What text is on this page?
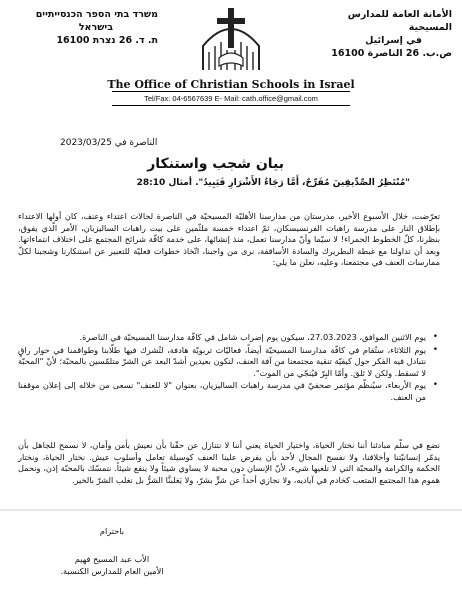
الأمانة العامة للمدارس المسيحية
في إسرائيل
ص.ب. 26 الناصرة 16100
משרד בתי הספר הכנסייתיים
בישראל
ת. ד. 26 נצרת 16100
The Office of Christian Schools in Israel
Tel/Fax: 04-6567639 E- Mail: cath.office@gmail.com
الناصرة في 2023/03/25
بيان شجب واستنكار
"مُنْتَظِرُ الصِّدِّيقِينَ مُفَرِّحٌ، أَمَّا رَجَاءُ الأَشْرَارِ فَيَبِيدُ". أمثال 28:10
تعرّضت، خلال الأسبوع الأخير، مدرستان من مدارسنا الأهليّة المسيحيّة في الناصرة لحالات اعتداء وعنف، كان أولها الاعتداء بإطلاق النار على مدرسة راهبات الفرنسيسكان، ثمّ اعتداء خمسة ملثّمين على بيت راهبات الساليزيان، الأمر الّذي يفوق، بنظرنا، كلّ الخطوط الحمراء! لا سيّما وأنّ مدارسنا تعمل، منذ إنشائها، على خدمة كافّة شرائح المجتمع على اختلاف انتماءاتها. وبعد أن تداولنا مع غبطة البطريرك والسادة الأساقفة، نرى من واجبنا، اتّخاذ خطوات فعليّة للتعبير عن استنكارنا وشجبنا لكلّ ممارسات العنف في مجتمعنا، وعليه، نعلن ما يلي:
• يوم الاثنين الموافق، 27.03.2023، سيكون يوم إضراب شامل في كافّة مدارسنا المسيحيّة في الناصرة.
• يوم الثلاثاء، ستُقام في كافّة مدارسنا المسيحيّة أيضاً، فعاليّات تربويّة هادفة، لتُشرك فيها طلّابنا وطواقمنا في حوار راقٍ نتبادل فيه الفكر حول كيفيّة تنقية مجتمعنا من آفة العنف، لنكون بعيدين أشدّ البعد عن الشرّ متلمّسين بالمحبّة؛ لأنّ "المحبّة لا تَسقط. ولكن لا تَلقَ. وأمّا البِرّ فيُنجّي من الموت".
• يوم الأربعاء، سيُنظّم مؤتمر صحفيّ في مدرسة راهبات الساليزيان، بعنوان "لا للعنف" نسعى من خلاله إلى إعلان موقفنا من العنف.
نضع في سلّم مبادئنا أننا نختار الحياة، واختيار الحياة يعني أننا لا نتنازل عن حقّنا بأن نعيش بأمن وأمان، لا نسمح للجاهل بأن يدمّر إنسانيّتنا وأخلاقنا، ولا نفسح المجال لأحد بأن يفرض علينا العنف كوسيلة تعامل وأسلوب عيش. نختار الحياة، ونختار الحكمة والكرامة والمحبّة التي لا تلغيها شيء، لأنّ الإنسان دون محبة لا يساوي شيئاً ولا ينفع شيئاً. نتمسّك بالمحبّة إذن، ونحمل هموم هذا المجتمع المتعب كخادم في آياديه، ولا نجازي أحداً عن شرٍّ بشرّ، ولا يَغلبنَّا الشرُّ بل نغلب الشرّ بالخير.
باحترام
الأب عبد المسيح فهيم
الأمين العام للمدارس الكنسية.
